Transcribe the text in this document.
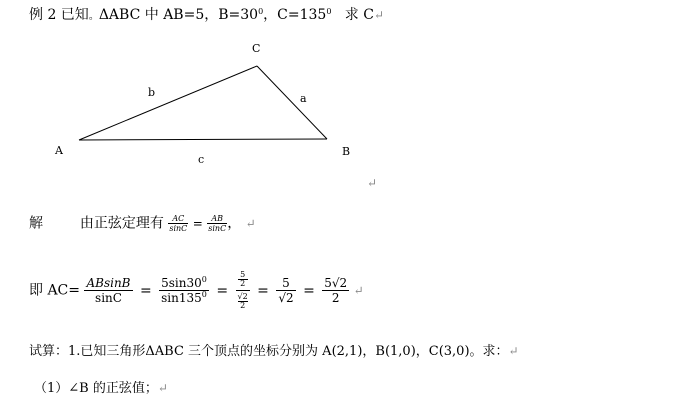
例 2 已知。ΔABC 中 AB=5，$B=30^0$，$C=135^0$ 求 C↵
C
b	a
A	B
c
↵
解	由正弦定理有 $\frac{AC}{\sin C} = \frac{AB}{\sin C}$ ， ↵
即 $AC= \frac{ABsinB}{\sin C} = \frac{5\sin 30^0}{\sin 135^0} = 5$
2
√2
$2 = \frac{5}{√2} = \frac{5√2}{2}$ ↵
试算：1.已知三角形ΔABC 三个顶点的坐标分别为 A(2,1)，B(1,0)，C(3,0)。求：↵
（1）∠B 的正弦值；↵
